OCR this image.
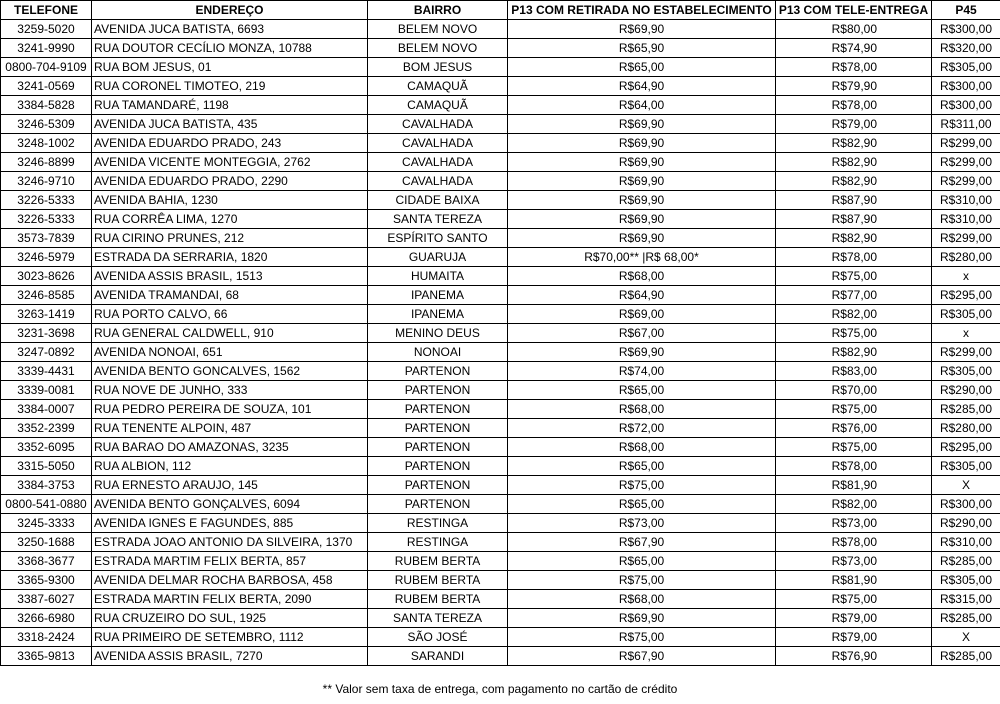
TELEFONE	ENDEREÇO	BAIRRO	P13 COM RETIRADA NO ESTABELECIMENTO	P13 COM TELE-ENTREGA	P45
3259-5020	AVENIDA JUCA BATISTA, 6693	BELEM NOVO	R$69,90	R$80,00	R$300,00
3241-9990	RUA DOUTOR CECÍLIO MONZA, 10788	BELEM NOVO	R$65,90	R$74,90	R$320,00
0800-704-9109	RUA BOM JESUS, 01	BOM JESUS	R$65,00	R$78,00	R$305,00
3241-0569	RUA CORONEL TIMOTEO, 219	CAMAQUÃ	R$64,90	R$79,90	R$300,00
3384-5828	RUA TAMANDARÉ, 1198	CAMAQUÃ	R$64,00	R$78,00	R$300,00
3246-5309	AVENIDA JUCA BATISTA, 435	CAVALHADA	R$69,90	R$79,00	R$311,00
3248-1002	AVENIDA EDUARDO PRADO, 243	CAVALHADA	R$69,90	R$82,90	R$299,00
3246-8899	AVENIDA VICENTE MONTEGGIA, 2762	CAVALHADA	R$69,90	R$82,90	R$299,00
3246-9710	AVENIDA EDUARDO PRADO, 2290	CAVALHADA	R$69,90	R$82,90	R$299,00
3226-5333	AVENIDA BAHIA, 1230	CIDADE BAIXA	R$69,90	R$87,90	R$310,00
3226-5333	RUA CORRÊA LIMA, 1270	SANTA TEREZA	R$69,90	R$87,90	R$310,00
3573-7839	RUA CIRINO PRUNES, 212	ESPÍRITO SANTO	R$69,90	R$82,90	R$299,00
3246-5979	ESTRADA DA SERRARIA, 1820	GUARUJA	R$70,00** |R$ 68,00*	R$78,00	R$280,00
3023-8626	AVENIDA ASSIS BRASIL, 1513	HUMAITA	R$68,00	R$75,00	x
3246-8585	AVENIDA TRAMANDAI, 68	IPANEMA	R$64,90	R$77,00	R$295,00
3263-1419	RUA PORTO CALVO, 66	IPANEMA	R$69,00	R$82,00	R$305,00
3231-3698	RUA GENERAL CALDWELL, 910	MENINO DEUS	R$67,00	R$75,00	x
3247-0892	AVENIDA NONOAI, 651	NONOAI	R$69,90	R$82,90	R$299,00
3339-4431	AVENIDA BENTO GONCALVES, 1562	PARTENON	R$74,00	R$83,00	R$305,00
3339-0081	RUA NOVE DE JUNHO, 333	PARTENON	R$65,00	R$70,00	R$290,00
3384-0007	RUA PEDRO PEREIRA DE SOUZA, 101	PARTENON	R$68,00	R$75,00	R$285,00
3352-2399	RUA TENENTE ALPOIN, 487	PARTENON	R$72,00	R$76,00	R$280,00
3352-6095	RUA BARAO DO AMAZONAS, 3235	PARTENON	R$68,00	R$75,00	R$295,00
3315-5050	RUA ALBION, 112	PARTENON	R$65,00	R$78,00	R$305,00
3384-3753	RUA ERNESTO ARAUJO, 145	PARTENON	R$75,00	R$81,90	X
0800-541-0880	AVENIDA BENTO GONÇALVES, 6094	PARTENON	R$65,00	R$82,00	R$300,00
3245-3333	AVENIDA IGNES E FAGUNDES, 885	RESTINGA	R$73,00	R$73,00	R$290,00
3250-1688	ESTRADA JOAO ANTONIO DA SILVEIRA, 1370	RESTINGA	R$67,90	R$78,00	R$310,00
3368-3677	ESTRADA MARTIM FELIX BERTA, 857	RUBEM BERTA	R$65,00	R$73,00	R$285,00
3365-9300	AVENIDA DELMAR ROCHA BARBOSA, 458	RUBEM BERTA	R$75,00	R$81,90	R$305,00
3387-6027	ESTRADA MARTIN FELIX BERTA, 2090	RUBEM BERTA	R$68,00	R$75,00	R$315,00
3266-6980	RUA CRUZEIRO DO SUL, 1925	SANTA TEREZA	R$69,90	R$79,00	R$285,00
3318-2424	RUA PRIMEIRO DE SETEMBRO, 1112	SÃO JOSÉ	R$75,00	R$79,00	X
3365-9813	AVENIDA ASSIS BRASIL, 7270	SARANDI	R$67,90	R$76,90	R$285,00
** Valor sem taxa de entrega, com pagamento no cartão de crédito
